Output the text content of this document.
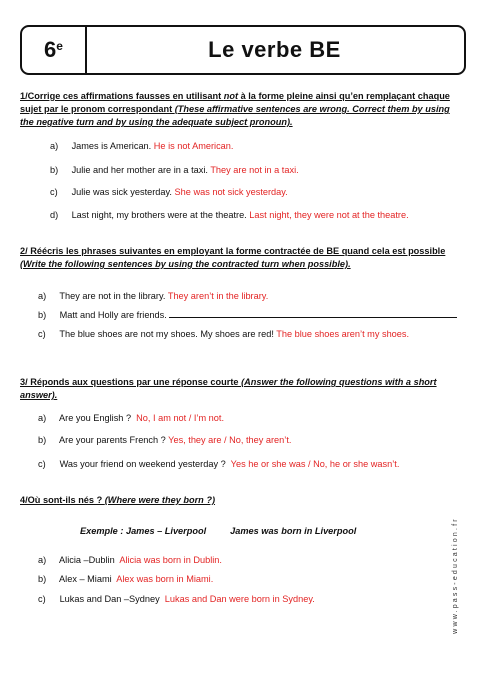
6e	Le verbe BE
1/Corrige ces affirmations fausses en utilisant not à la forme pleine ainsi qu’en remplaçant chaque
sujet par le pronom correspondant (These affirmative sentences are wrong. Correct them by using the negative turn and by using the adequate subject pronoun).
a) James is American. He is not American.
b) Julie and her mother are in a taxi. They are not in a taxi.
c) Julie was sick yesterday. She was not sick yesterday.
d) Last night, my brothers were at the theatre. Last night, they were not at the theatre.
2/ Réécris les phrases suivantes en employant la forme contractée de BE quand cela est possible
(Write the following sentences by using the contracted turn when possible).
a) They are not in the library. They aren’t in the library.
b) Matt and Holly are friends.
c) The blue shoes are not my shoes. My shoes are red! The blue shoes aren’t my shoes.
3/ Réponds aux questions par une réponse courte (Answer the following questions with a short answer).
a) Are you English ? No, I am not / I’m not.
b) Are your parents French ? Yes, they are / No, they aren’t.
c) Was your friend on weekend yesterday ? Yes he or she was / No, he or she wasn’t.
4/Où sont-ils nés ? (Where were they born ?)
Exemple : James – Liverpool	James was born in Liverpool
a) Alicia –Dublin Alicia was born in Dublin.
b) Alex – Miami Alex was born in Miami.
c) Lukas and Dan –Sydney Lukas and Dan were born in Sydney.	www.pass-education.fr
